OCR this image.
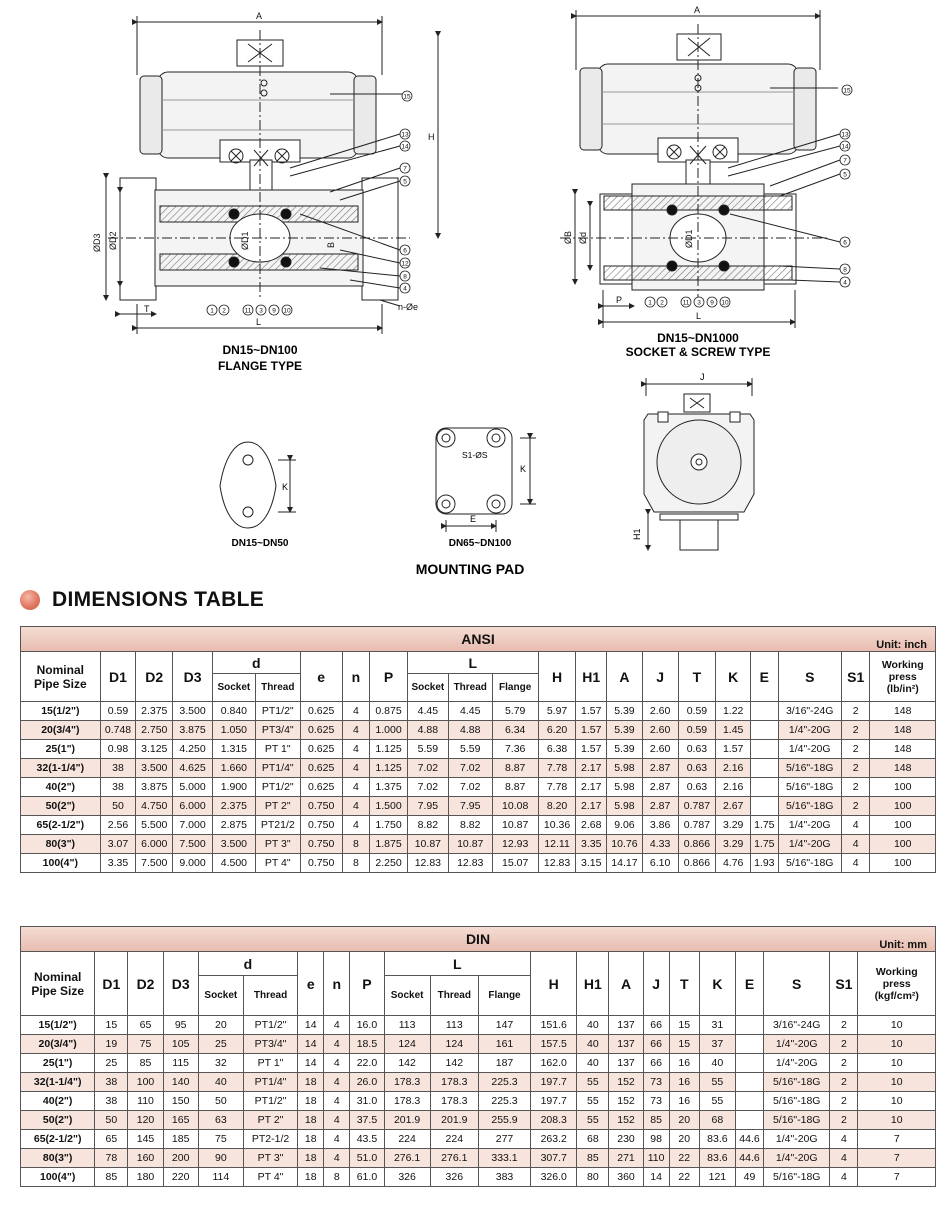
15
13
14
7
5
6
12
8
4
1 2	11 3 9 10
A
H
ØD3 ØD2	ØD1	B
L
T	n-Øe
DN15~DN100
FLANGE TYPE
15
13
14
7
5
6
8
4
1 2	11 3 9 10
A
ØB Ød	ØD1
P
L
DN15~DN1000
SOCKET & SCREW TYPE
K
DN15~DN50
S1-ØS
K
E
DN65~DN100
MOUNTING PAD
J
H1
DIMENSIONS TABLE
ANSI	Unit: inch
Nominal
Pipe Size	D1	D2	D3	d		e	n	P	L			H	H1	A	J	T	K	E	S	S1	Working
press
(lb/in²)
				Socket	Thread				Socket	Thread	Flange										
15(1/2")	0.59	2.375	3.500	0.840	PT1/2"	0.625	4	0.875	4.45	4.45	5.79	5.97	1.57	5.39	2.60	0.59	1.22		3/16"-24G	2	148
20(3/4")	0.748	2.750	3.875	1.050	PT3/4"	0.625	4	1.000	4.88	4.88	6.34	6.20	1.57	5.39	2.60	0.59	1.45		1/4"-20G	2	148
25(1")	0.98	3.125	4.250	1.315	PT 1"	0.625	4	1.125	5.59	5.59	7.36	6.38	1.57	5.39	2.60	0.63	1.57		1/4"-20G	2	148
32(1-1/4")	38	3.500	4.625	1.660	PT1/4"	0.625	4	1.125	7.02	7.02	8.87	7.78	2.17	5.98	2.87	0.63	2.16		5/16"-18G	2	148
40(2")	38	3.875	5.000	1.900	PT1/2"	0.625	4	1.375	7.02	7.02	8.87	7.78	2.17	5.98	2.87	0.63	2.16		5/16"-18G	2	100
50(2")	50	4.750	6.000	2.375	PT 2"	0.750	4	1.500	7.95	7.95	10.08	8.20	2.17	5.98	2.87	0.787	2.67		5/16"-18G	2	100
65(2-1/2")	2.56	5.500	7.000	2.875	PT21/2	0.750	4	1.750	8.82	8.82	10.87	10.36	2.68	9.06	3.86	0.787	3.29	1.75	1/4"-20G	4	100
80(3")	3.07	6.000	7.500	3.500	PT 3"	0.750	8	1.875	10.87	10.87	12.93	12.11	3.35	10.76	4.33	0.866	3.29	1.75	1/4"-20G	4	100
100(4")	3.35	7.500	9.000	4.500	PT 4"	0.750	8	2.250	12.83	12.83	15.07	12.83	3.15	14.17	6.10	0.866	4.76	1.93	5/16"-18G	4	100
DIN	Unit: mm
Nominal
Pipe Size	D1	D2	D3	d		e	n	P	L			H	H1	A	J	T	K	E	S	S1	Working
press
(kgf/cm²)
				Socket	Thread				Socket	Thread	Flange										
15(1/2")	15	65	95	20	PT1/2"	14	4	16.0	113	113	147	151.6	40	137	66	15	31		3/16"-24G	2	10
20(3/4")	19	75	105	25	PT3/4"	14	4	18.5	124	124	161	157.5	40	137	66	15	37		1/4"-20G	2	10
25(1")	25	85	115	32	PT 1"	14	4	22.0	142	142	187	162.0	40	137	66	16	40		1/4"-20G	2	10
32(1-1/4")	38	100	140	40	PT1/4"	18	4	26.0	178.3	178.3	225.3	197.7	55	152	73	16	55		5/16"-18G	2	10
40(2")	38	110	150	50	PT1/2"	18	4	31.0	178.3	178.3	225.3	197.7	55	152	73	16	55		5/16"-18G	2	10
50(2")	50	120	165	63	PT 2"	18	4	37.5	201.9	201.9	255.9	208.3	55	152	85	20	68		5/16"-18G	2	10
65(2-1/2")	65	145	185	75	PT2-1/2	18	4	43.5	224	224	277	263.2	68	230	98	20	83.6	44.6	1/4"-20G	4	7
80(3")	78	160	200	90	PT 3"	18	4	51.0	276.1	276.1	333.1	307.7	85	271	110	22	83.6	44.6	1/4"-20G	4	7
100(4")	85	180	220	114	PT 4"	18	8	61.0	326	326	383	326.0	80	360	14	22	121	49	5/16"-18G	4	7
